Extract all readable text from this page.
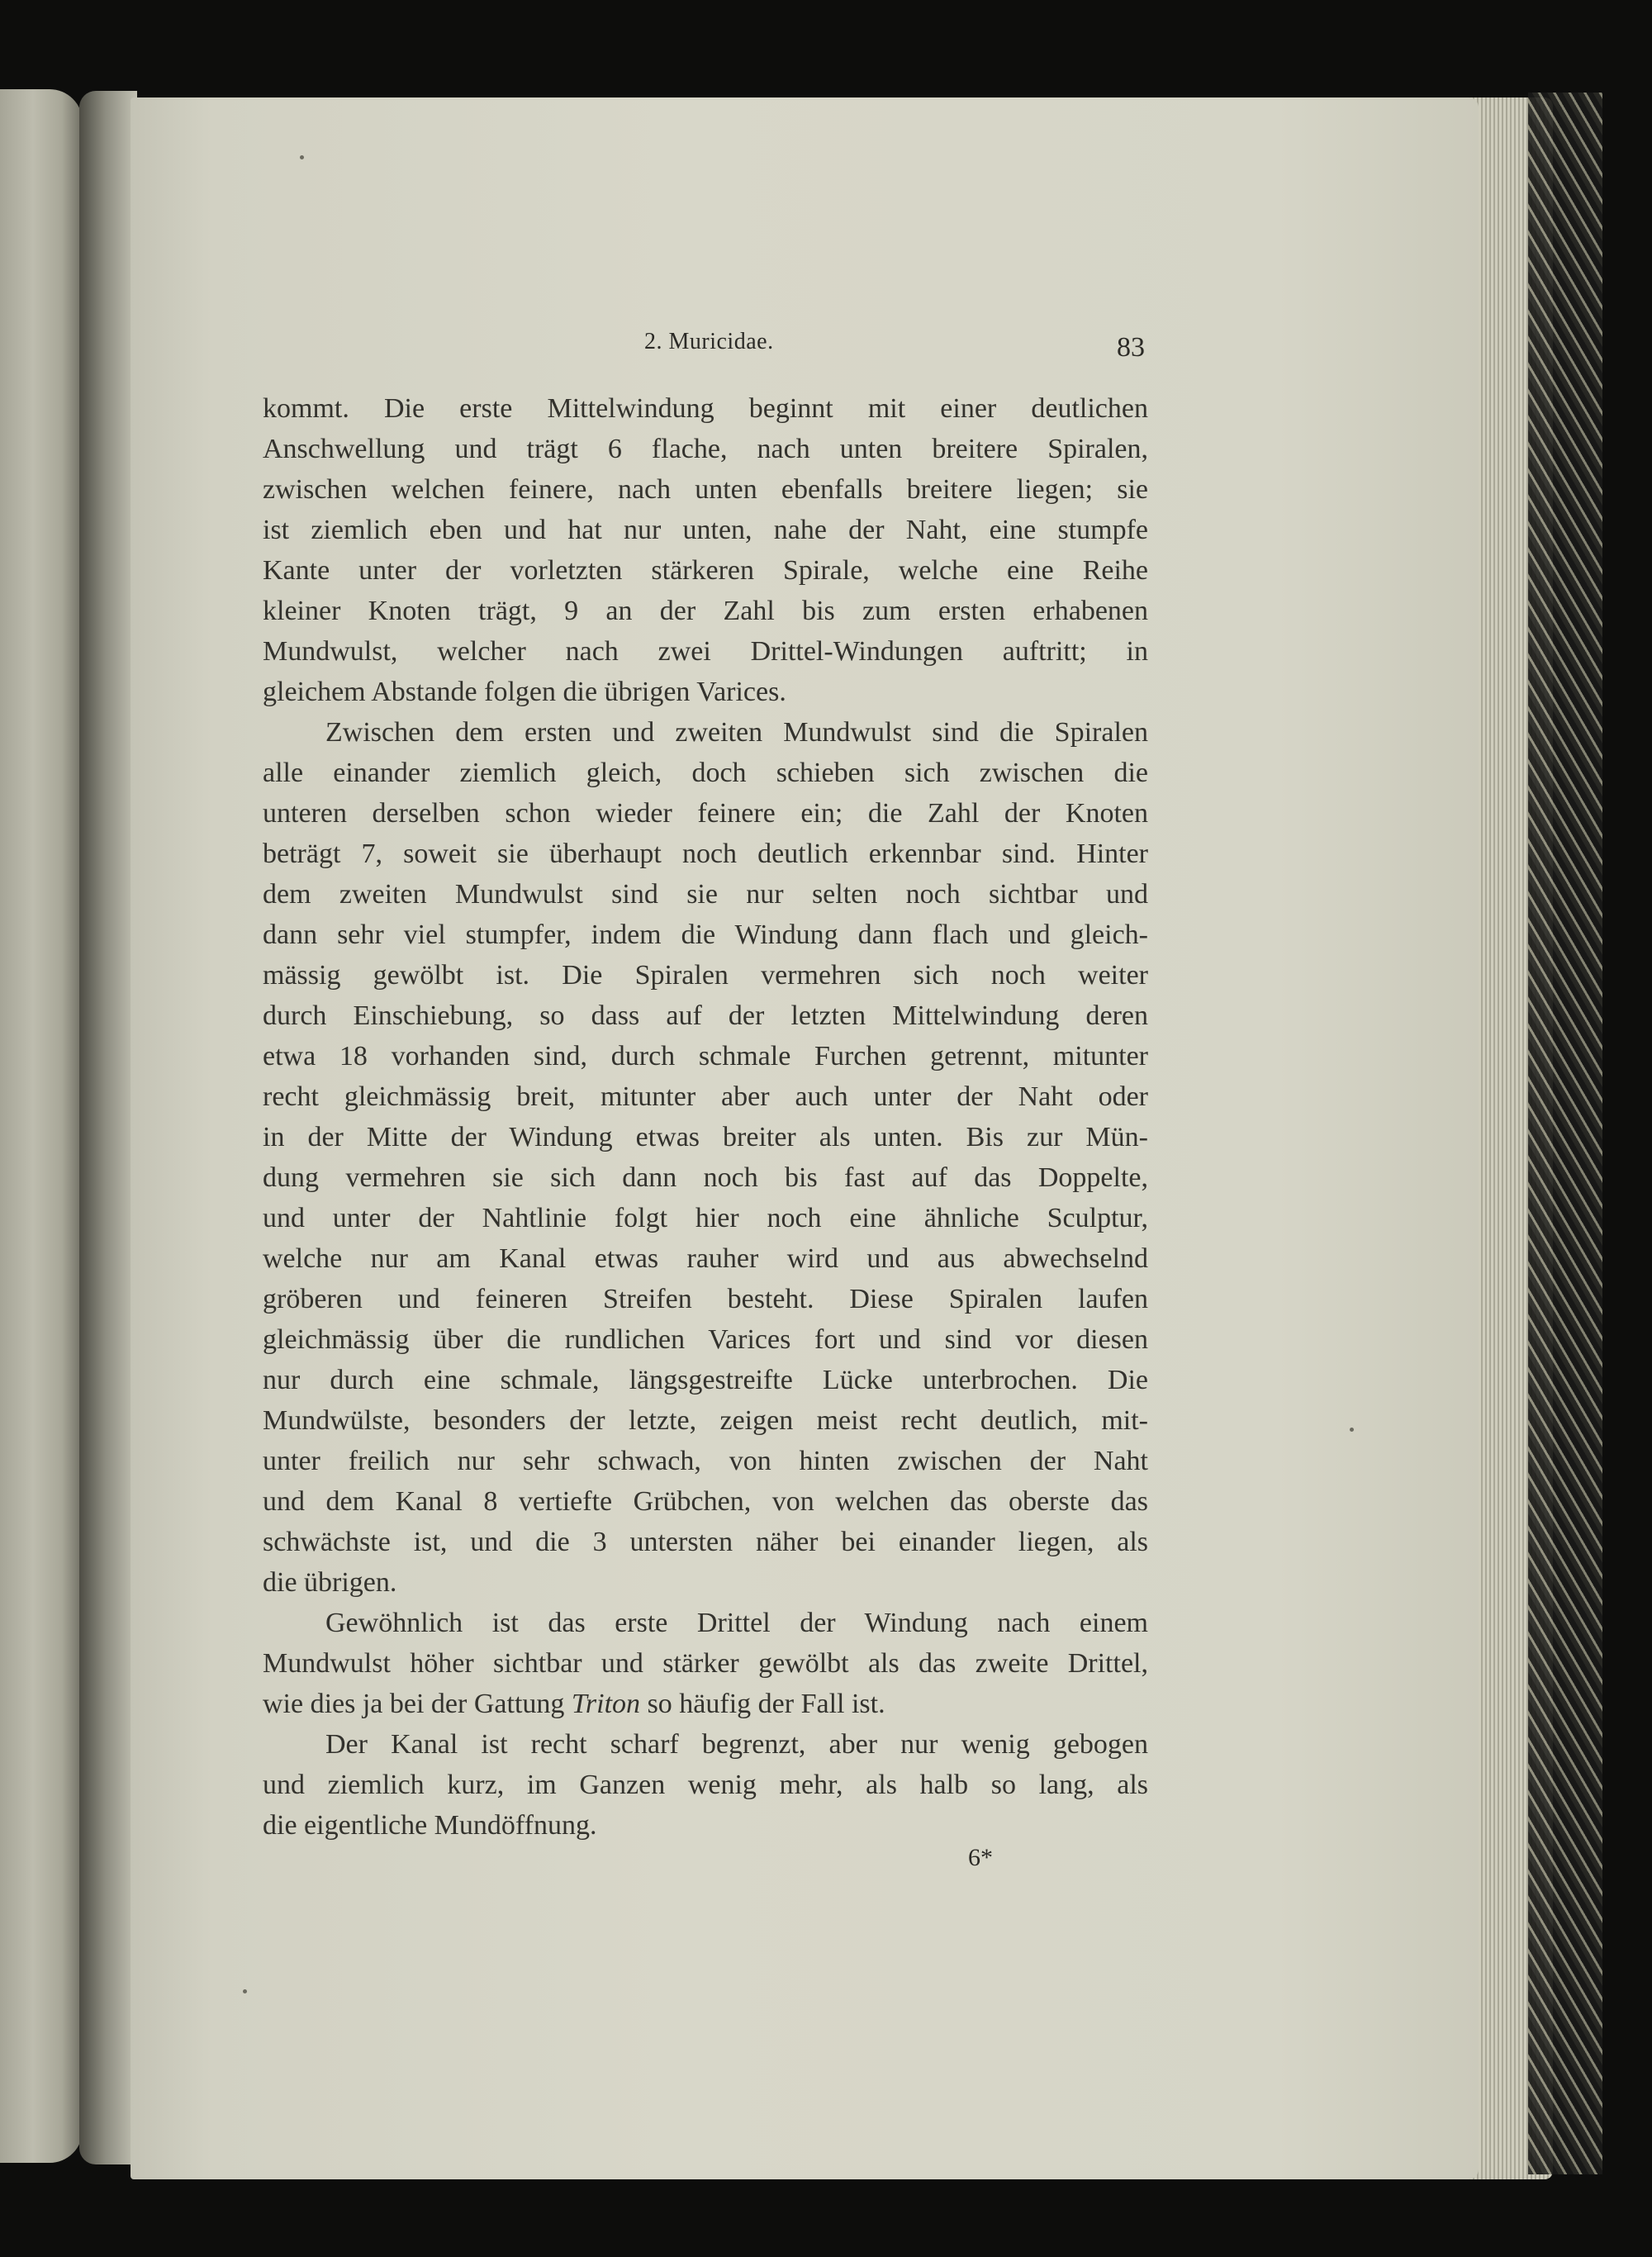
2. Muricidae.	83
kommt. Die erste Mittelwindung beginnt mit einer deutlichen
Anschwellung und trägt 6 flache, nach unten breitere Spiralen,
zwischen welchen feinere, nach unten ebenfalls breitere liegen; sie
ist ziemlich eben und hat nur unten, nahe der Naht, eine stumpfe
Kante unter der vorletzten stärkeren Spirale, welche eine Reihe
kleiner Knoten trägt, 9 an der Zahl bis zum ersten erhabenen
Mundwulst, welcher nach zwei Drittel-Windungen auftritt; in
gleichem Abstande folgen die übrigen Varices.
Zwischen dem ersten und zweiten Mundwulst sind die Spiralen
alle einander ziemlich gleich, doch schieben sich zwischen die
unteren derselben schon wieder feinere ein; die Zahl der Knoten
beträgt 7, soweit sie überhaupt noch deutlich erkennbar sind. Hinter
dem zweiten Mundwulst sind sie nur selten noch sichtbar und
dann sehr viel stumpfer, indem die Windung dann flach und gleich-
mässig gewölbt ist. Die Spiralen vermehren sich noch weiter
durch Einschiebung, so dass auf der letzten Mittelwindung deren
etwa 18 vorhanden sind, durch schmale Furchen getrennt, mitunter
recht gleichmässig breit, mitunter aber auch unter der Naht oder
in der Mitte der Windung etwas breiter als unten. Bis zur Mün-
dung vermehren sie sich dann noch bis fast auf das Doppelte,
und unter der Nahtlinie folgt hier noch eine ähnliche Sculptur,
welche nur am Kanal etwas rauher wird und aus abwechselnd
gröberen und feineren Streifen besteht. Diese Spiralen laufen
gleichmässig über die rundlichen Varices fort und sind vor diesen
nur durch eine schmale, längsgestreifte Lücke unterbrochen. Die
Mundwülste, besonders der letzte, zeigen meist recht deutlich, mit-
unter freilich nur sehr schwach, von hinten zwischen der Naht
und dem Kanal 8 vertiefte Grübchen, von welchen das oberste das
schwächste ist, und die 3 untersten näher bei einander liegen, als
die übrigen.
Gewöhnlich ist das erste Drittel der Windung nach einem
Mundwulst höher sichtbar und stärker gewölbt als das zweite Drittel,
wie dies ja bei der Gattung Triton so häufig der Fall ist.
Der Kanal ist recht scharf begrenzt, aber nur wenig gebogen
und ziemlich kurz, im Ganzen wenig mehr, als halb so lang, als
die eigentliche Mundöffnung.
6*
